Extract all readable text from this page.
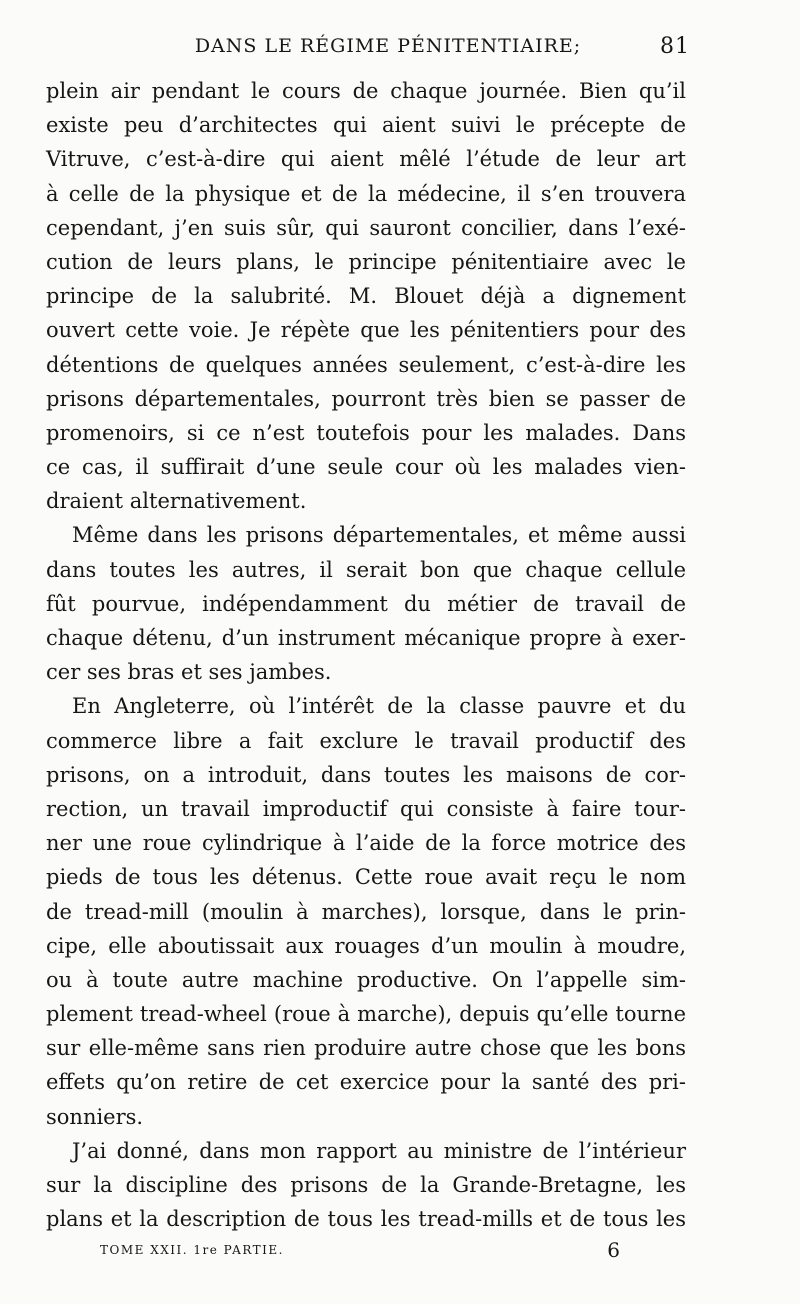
DANS LE RÉGIME PÉNITENTIAIRE;	81
plein air pendant le cours de chaque journée. Bien qu’il
existe peu d’architectes qui aient suivi le précepte de
Vitruve, c’est-à-dire qui aient mêlé l’étude de leur art
à celle de la physique et de la médecine, il s’en trouvera
cependant, j’en suis sûr, qui sauront concilier, dans l’exé-
cution de leurs plans, le principe pénitentiaire avec le
principe de la salubrité. M. Blouet déjà a dignement
ouvert cette voie. Je répète que les pénitentiers pour des
détentions de quelques années seulement, c’est-à-dire les
prisons départementales, pourront très bien se passer de
promenoirs, si ce n’est toutefois pour les malades. Dans
ce cas, il suffirait d’une seule cour où les malades vien-
draient alternativement.
Même dans les prisons départementales, et même aussi
dans toutes les autres, il serait bon que chaque cellule
fût pourvue, indépendamment du métier de travail de
chaque détenu, d’un instrument mécanique propre à exer-
cer ses bras et ses jambes.
En Angleterre, où l’intérêt de la classe pauvre et du
commerce libre a fait exclure le travail productif des
prisons, on a introduit, dans toutes les maisons de cor-
rection, un travail improductif qui consiste à faire tour-
ner une roue cylindrique à l’aide de la force motrice des
pieds de tous les détenus. Cette roue avait reçu le nom
de tread-mill (moulin à marches), lorsque, dans le prin-
cipe, elle aboutissait aux rouages d’un moulin à moudre,
ou à toute autre machine productive. On l’appelle sim-
plement tread-wheel (roue à marche), depuis qu’elle tourne
sur elle-même sans rien produire autre chose que les bons
effets qu’on retire de cet exercice pour la santé des pri-
sonniers.
J’ai donné, dans mon rapport au ministre de l’intérieur
sur la discipline des prisons de la Grande-Bretagne, les
plans et la description de tous les tread-mills et de tous les
TOME XXII. 1re PARTIE.	6
